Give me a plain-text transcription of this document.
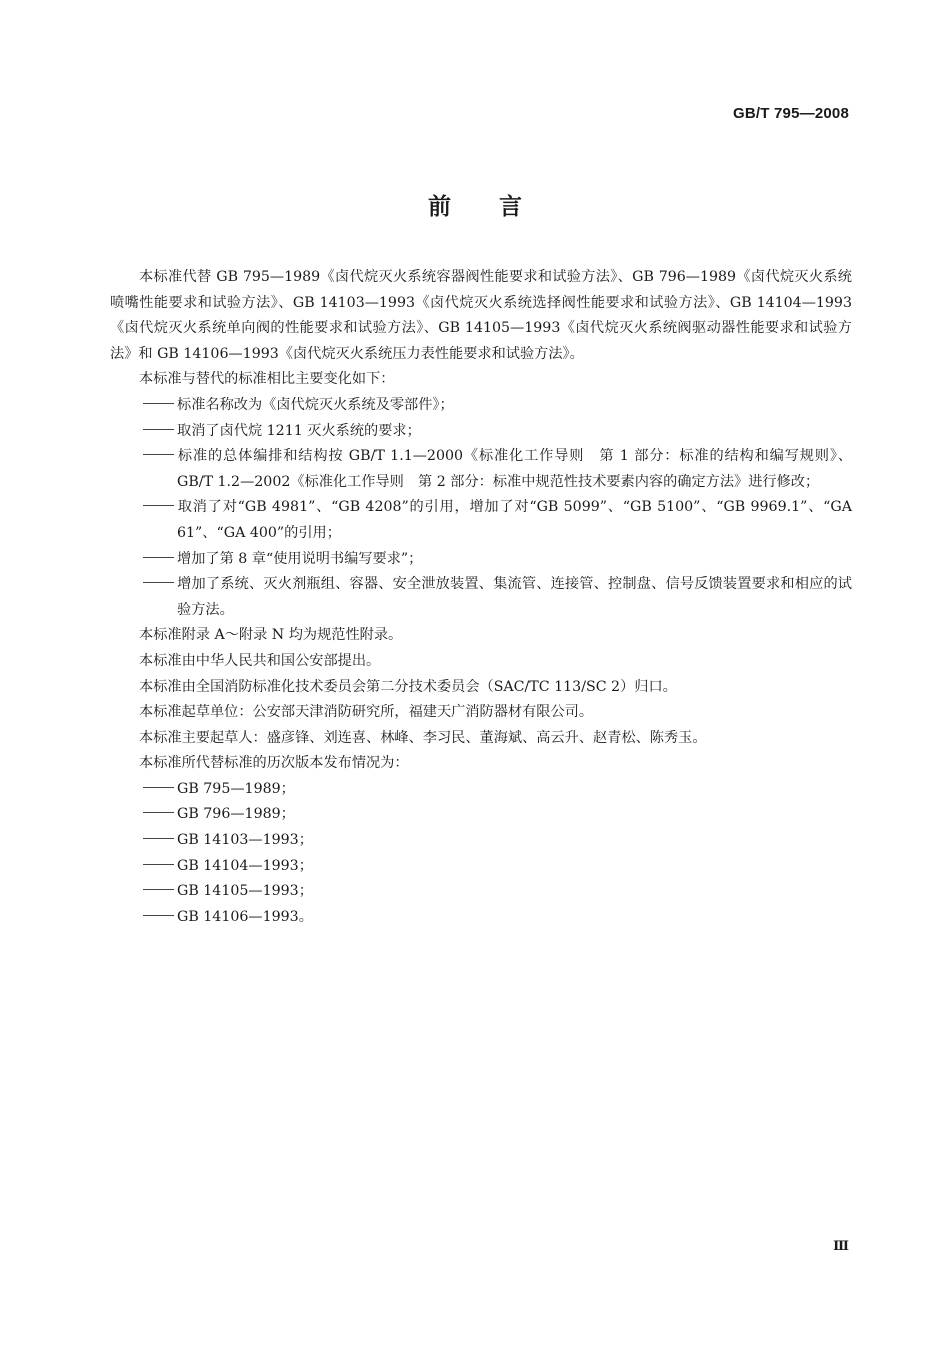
GB/T 795—2008
前言

本标准代替 GB 795—1989《卤代烷灭火系统容器阀性能要求和试验方法》、GB 796—1989《卤代烷灭火系统喷嘴性能要求和试验方法》、GB 14103—1993《卤代烷灭火系统选择阀性能要求和试验方法》、GB 14104—1993《卤代烷灭火系统单向阀的性能要求和试验方法》、GB 14105—1993《卤代烷灭火系统阀驱动器性能要求和试验方法》和 GB 14106—1993《卤代烷灭火系统压力表性能要求和试验方法》。

本标准与替代的标准相比主要变化如下：

标准名称改为《卤代烷灭火系统及零部件》；

取消了卤代烷 1211 灭火系统的要求；

标准的总体编排和结构按 GB/T 1.1—2000《标准化工作导则　第 1 部分：标准的结构和编写规则》、GB/T 1.2—2002《标准化工作导则　第 2 部分：标准中规范性技术要素内容的确定方法》进行修改；

取消了对“GB 4981”、“GB 4208”的引用，增加了对“GB 5099”、“GB 5100”、“GB 9969.1”、“GA 61”、“GA 400”的引用；

增加了第 8 章“使用说明书编写要求”；

增加了系统、灭火剂瓶组、容器、安全泄放装置、集流管、连接管、控制盘、信号反馈装置要求和相应的试验方法。

本标准附录 A～附录 N 均为规范性附录。

本标准由中华人民共和国公安部提出。

本标准由全国消防标准化技术委员会第二分技术委员会（SAC/TC 113/SC 2）归口。

本标准起草单位：公安部天津消防研究所，福建天广消防器材有限公司。

本标准主要起草人：盛彦锋、刘连喜、林峰、李习民、董海斌、高云升、赵青松、陈秀玉。

本标准所代替标准的历次版本发布情况为：

GB 795—1989；

GB 796—1989；

GB 14103—1993；

GB 14104—1993；

GB 14105—1993；

GB 14106—1993。

Ⅲ
